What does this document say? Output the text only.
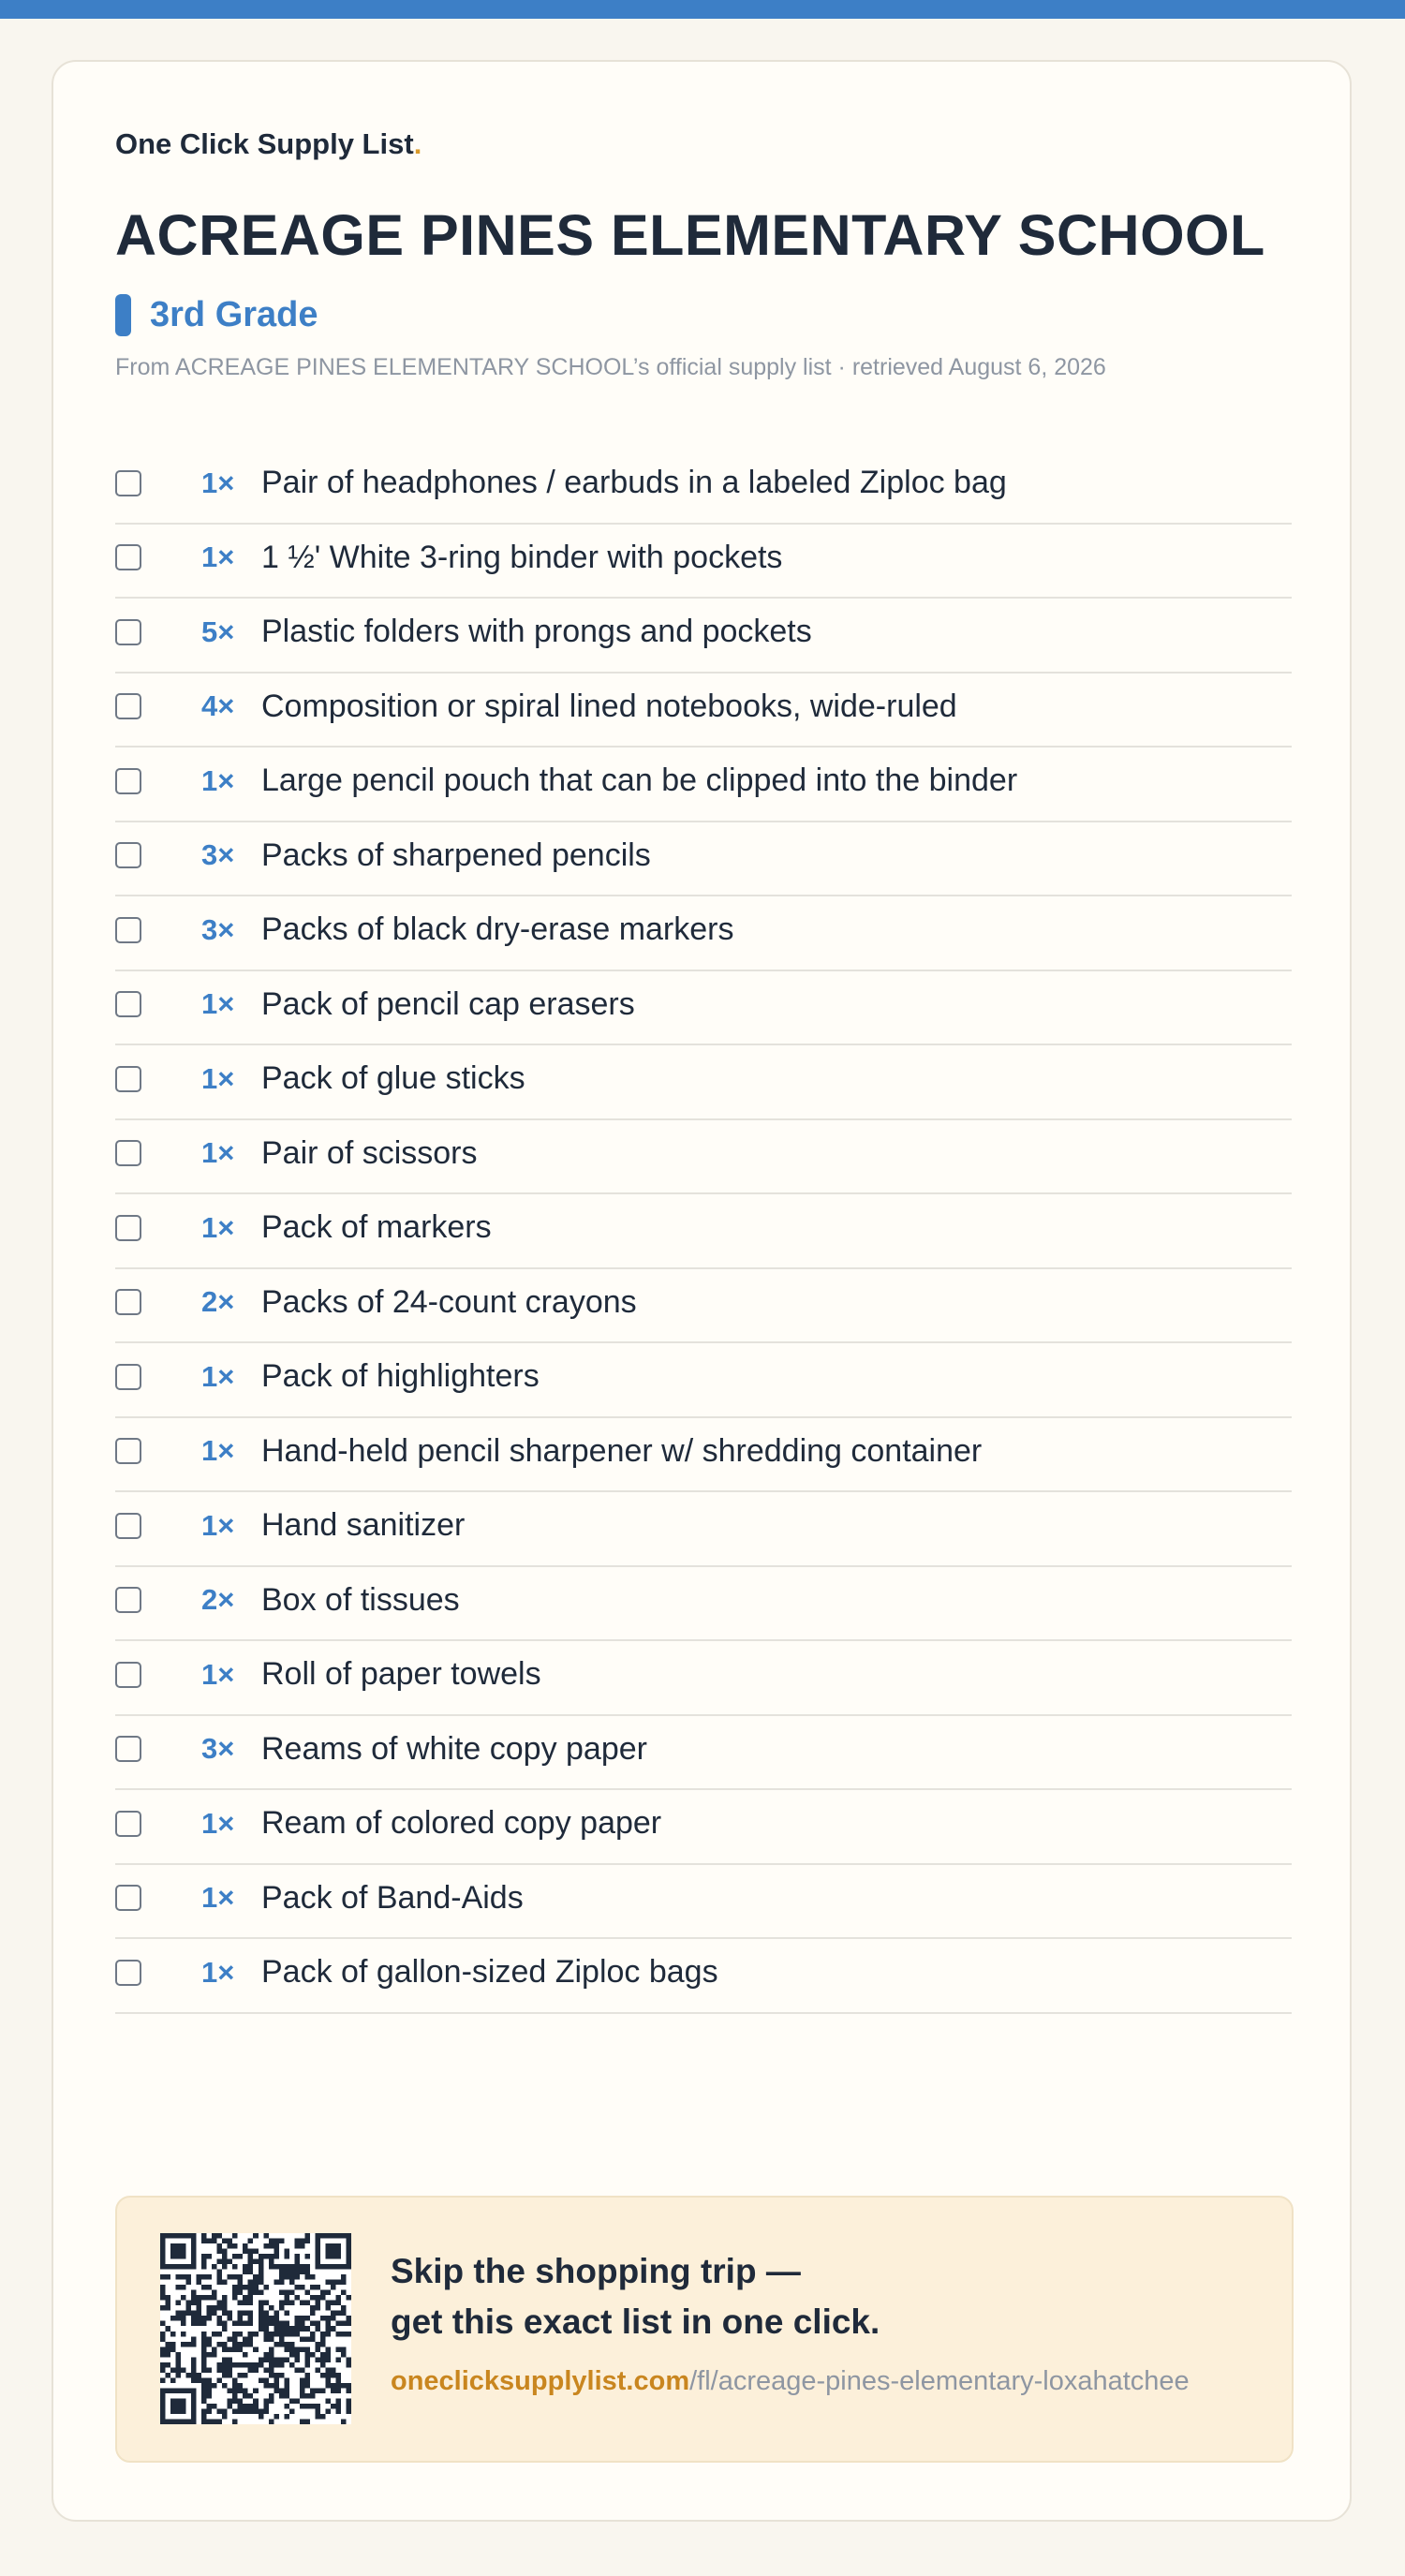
One Click Supply List.
ACREAGE PINES ELEMENTARY SCHOOL
3rd Grade
From ACREAGE PINES ELEMENTARY SCHOOL’s official supply list · retrieved August 6, 2026
1× Pair of headphones / earbuds in a labeled Ziploc bag
1× 1 ½' White 3-ring binder with pockets
5× Plastic folders with prongs and pockets
4× Composition or spiral lined notebooks, wide-ruled
1× Large pencil pouch that can be clipped into the binder
3× Packs of sharpened pencils
3× Packs of black dry-erase markers
1× Pack of pencil cap erasers
1× Pack of glue sticks
1× Pair of scissors
1× Pack of markers
2× Packs of 24-count crayons
1× Pack of highlighters
1× Hand-held pencil sharpener w/ shredding container
1× Hand sanitizer
2× Box of tissues
1× Roll of paper towels
3× Reams of white copy paper
1× Ream of colored copy paper
1× Pack of Band-Aids
1× Pack of gallon-sized Ziploc bags
Skip the shopping trip —
get this exact list in one click.
oneclicksupplylist.com/fl/acreage-pines-elementary-loxahatchee
